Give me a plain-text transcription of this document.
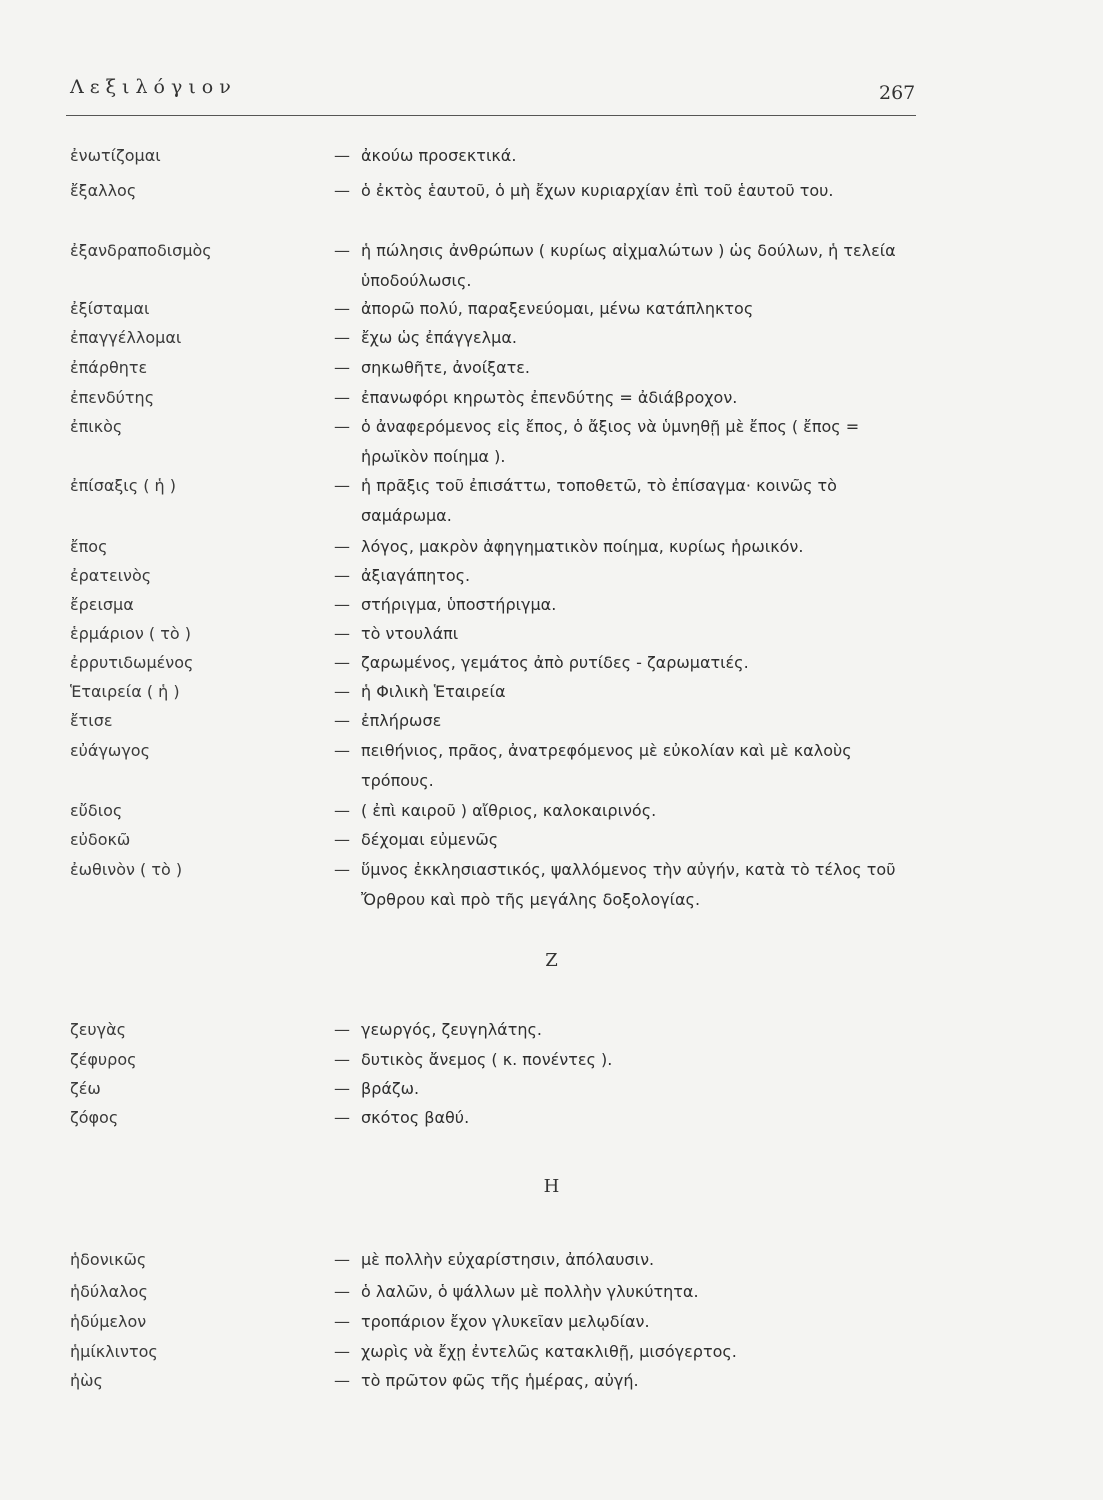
Λεξιλόγιον	267
ἐνωτίζομαι	— ἀκούω προσεκτικά.
ἔξαλλος	— ὁ ἐκτὸς ἑαυτοῦ, ὁ μὴ ἔχων κυριαρχίαν ἐπὶ τοῦ ἑαυτοῦ του.
ἐξανδραποδισμὸς	— ἡ πώλησις ἀνθρώπων ( κυρίως αἰχμαλώτων ) ὡς δούλων, ἡ τελεία ὑποδούλωσις.
ἐξίσταμαι	— ἀπορῶ πολύ, παραξενεύομαι, μένω κατάπληκτος
ἐπαγγέλλομαι	— ἔχω ὡς ἐπάγγελμα.
ἐπάρθητε	— σηκωθῆτε, ἀνοίξατε.
ἐπενδύτης	— ἐπανωφόρι κηρωτὸς ἐπενδύτης = ἀδιάβροχον.
ἐπικὸς	— ὁ ἀναφερόμενος εἰς ἔπος, ὁ ἄξιος νὰ ὑμνηθῇ μὲ ἔπος ( ἔπος = ἡρωϊκὸν ποίημα ).
ἐπίσαξις ( ἡ )	— ἡ πρᾶξις τοῦ ἐπισάττω, τοποθετῶ, τὸ ἐπίσαγμα· κοινῶς τὸ σαμάρωμα.
ἔπος	— λόγος, μακρὸν ἀφηγηματικὸν ποίημα, κυρίως ἡρωικόν.
ἐρατεινὸς	— ἀξιαγάπητος.
ἔρεισμα	— στήριγμα, ὑποστήριγμα.
ἑρμάριον ( τὸ )	— τὸ ντουλάπι
ἐρρυτιδωμένος	— ζαρωμένος, γεμάτος ἀπὸ ρυτίδες - ζαρωματιές.
Ἑταιρεία ( ἡ )	— ἡ Φιλικὴ Ἑταιρεία
ἔτισε	— ἐπλήρωσε
εὐάγωγος	— πειθήνιος, πρᾶος, ἀνατρεφόμενος μὲ εὐκολίαν καὶ μὲ καλοὺς τρόπους.
εὔδιος	— ( ἐπὶ καιροῦ ) αἴθριος, καλοκαιρινός.
εὐδοκῶ	— δέχομαι εὐμενῶς
ἐωθινὸν ( τὸ )	— ὕμνος ἐκκλησιαστικός, ψαλλόμενος τὴν αὐγήν, κατὰ τὸ τέλος τοῦ Ὄρθρου καὶ πρὸ τῆς μεγάλης δοξολογίας.
Ζ
ζευγὰς	— γεωργός, ζευγηλάτης.
ζέφυρος	— δυτικὸς ἄνεμος ( κ. πονέντες ).
ζέω	— βράζω.
ζόφος	— σκότος βαθύ.
Η
ἡδονικῶς	— μὲ πολλὴν εὐχαρίστησιν, ἀπόλαυσιν.
ἡδύλαλος	— ὁ λαλῶν, ὁ ψάλλων μὲ πολλὴν γλυκύτητα.
ἡδύμελον	— τροπάριον ἔχον γλυκεῖαν μελῳδίαν.
ἡμίκλιντος	— χωρὶς νὰ ἔχῃ ἐντελῶς κατακλιθῇ, μισόγερτος.
ἠὼς	— τὸ πρῶτον φῶς τῆς ἡμέρας, αὐγή.
